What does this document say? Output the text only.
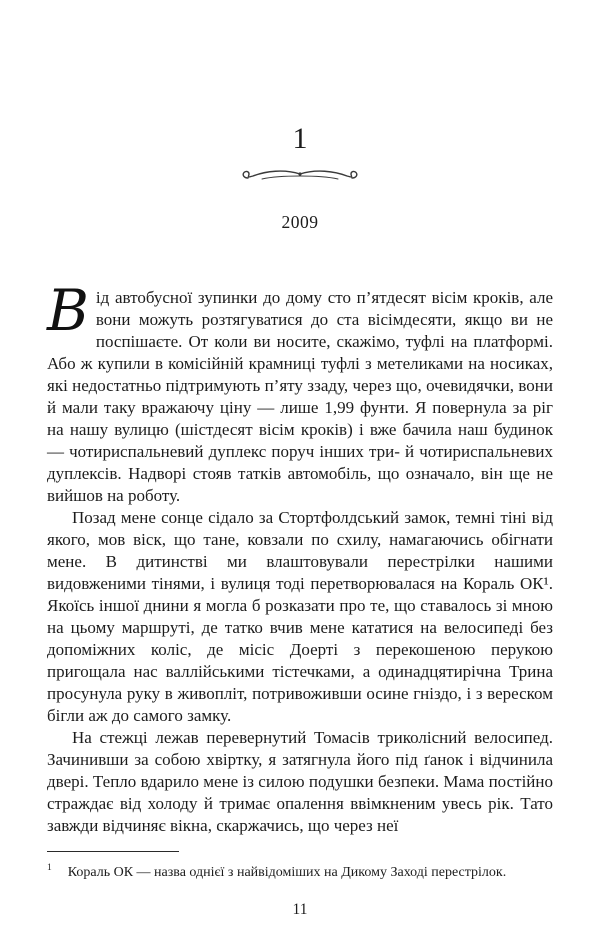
1
2009

Від автобусної зупинки до дому сто п’ятдесят вісім кроків, але вони можуть розтягуватися до ста вісімдесяти, якщо ви не поспішаєте. От коли ви носите, скажімо, туфлі на платформі. Або ж купили в комісійній крамниці туфлі з метеликами на носиках, які недостатньо підтримують п’яту ззаду, через що, очевидячки, вони й мали таку вражаючу ціну — лише 1,99 фунти. Я повернула за ріг на нашу вулицю (шістдесят вісім кроків) і вже бачила наш будинок — чотириспальневий дуплекс поруч інших три- й чотириспальневих дуплексів. Надворі стояв татків автомобіль, що означало, він ще не вийшов на роботу.

Позад мене сонце сідало за Стортфолдський замок, темні тіні від якого, мов віск, що тане, ковзали по схилу, намагаючись обігнати мене. В дитинстві ми влаштовували перестрілки нашими видовженими тінями, і вулиця тоді перетворювалася на Кораль ОК¹. Якоїсь іншої днини я могла б розказати про те, що ставалось зі мною на цьому маршруті, де татко вчив мене кататися на велосипеді без допоміжних коліс, де місіс Доерті з перекошеною перукою пригощала нас валлійськими тістечками, а одинадцятирічна Трина просунула руку в живопліт, потривоживши осине гніздо, і з вереском бігли аж до самого замку.

На стежці лежав перевернутий Томасів триколісний велосипед. Зачинивши за собою хвіртку, я затягнула його під ґанок і відчинила двері. Тепло вдарило мене із силою подушки безпеки. Мама постійно страждає від холоду й тримає опалення ввімкненим увесь рік. Тато завжди відчиняє вікна, скаржачись, що через неї

$^1$ Кораль ОК — назва однієї з найвідоміших на Дикому Заході перестрілок.

11
